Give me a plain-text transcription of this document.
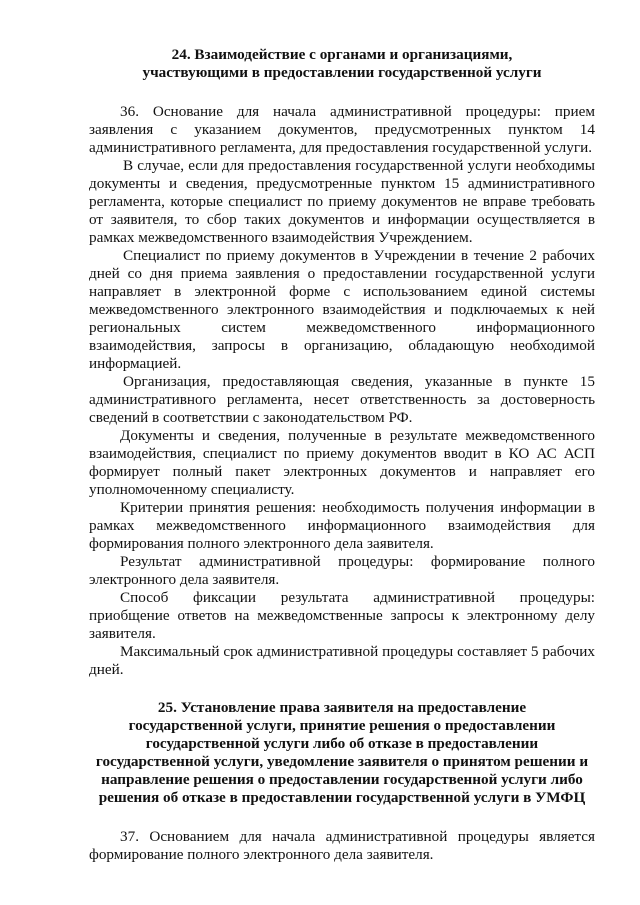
24. Взаимодействие с органами и организациями,
участвующими в предоставлении государственной услуги

36. Основание для начала административной процедуры: прием заявления с указанием документов, предусмотренных пунктом 14 административного регламента, для предоставления государственной услуги.

В случае, если для предоставления государственной услуги необходимы документы и сведения, предусмотренные пунктом 15 административного регламента, которые специалист по приему документов не вправе требовать от заявителя, то сбор таких документов и информации осуществляется в рамках межведомственного взаимодействия Учреждением.

Специалист по приему документов в Учреждении в течение 2 рабочих дней со дня приема заявления о предоставлении государственной услуги направляет в электронной форме с использованием единой системы межведомственного электронного взаимодействия и подключаемых к ней региональных систем межведомственного информационного взаимодействия, запросы в организацию, обладающую необходимой информацией.

Организация, предоставляющая сведения, указанные в пункте 15 административного регламента, несет ответственность за достоверность сведений в соответствии с законодательством РФ.

Документы и сведения, полученные в результате межведомственного взаимодействия, специалист по приему документов вводит в КО АС АСП формирует полный пакет электронных документов и направляет его уполномоченному специалисту.

Критерии принятия решения: необходимость получения информации в рамках межведомственного информационного взаимодействия для формирования полного электронного дела заявителя.

Результат административной процедуры: формирование полного электронного дела заявителя.

Способ фиксации результата административной процедуры: приобщение ответов на межведомственные запросы к электронному делу заявителя.

Максимальный срок административной процедуры составляет 5 рабочих дней.

25. Установление права заявителя на предоставление
государственной услуги, принятие решения о предоставлении
государственной услуги либо об отказе в предоставлении
государственной услуги, уведомление заявителя о принятом решении и
направление решения о предоставлении государственной услуги либо
решения об отказе в предоставлении государственной услуги в УМФЦ

37. Основанием для начала административной процедуры является формирование полного электронного дела заявителя.
